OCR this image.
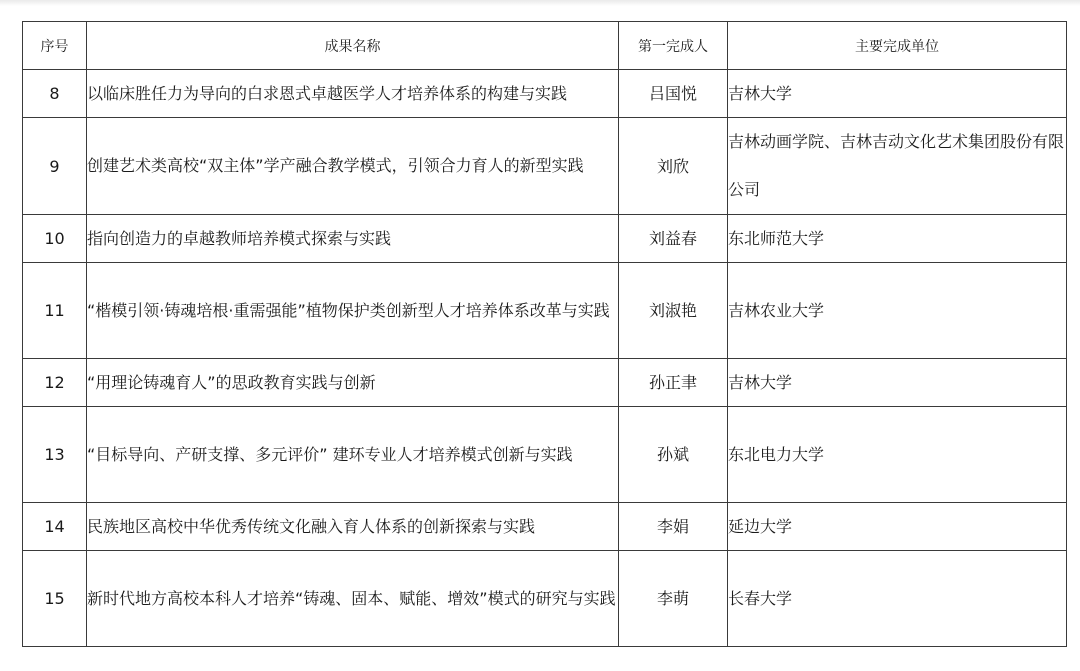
序号	成果名称	第一完成人	主要完成单位
8	以临床胜任力为导向的白求恩式卓越医学人才培养体系的构建与实践	吕国悦	吉林大学

9	创建艺术类高校“双主体”学产融合教学模式，引领合力育人的新型实践	刘欣	吉林动画学院、吉林吉动文化艺术集团股份有限公司

10	指向创造力的卓越教师培养模式探索与实践	刘益春	东北师范大学

11	“楷模引领·铸魂培根·重需强能”植物保护类创新型人才培养体系改革与实践	刘淑艳	吉林农业大学

12	“用理论铸魂育人”的思政教育实践与创新	孙正聿	吉林大学

13	“目标导向、产研支撑、多元评价” 建环专业人才培养模式创新与实践	孙斌	东北电力大学

14	民族地区高校中华优秀传统文化融入育人体系的创新探索与实践	李娟	延边大学

15	新时代地方高校本科人才培养“铸魂、固本、赋能、增效”模式的研究与实践	李萌	长春大学
